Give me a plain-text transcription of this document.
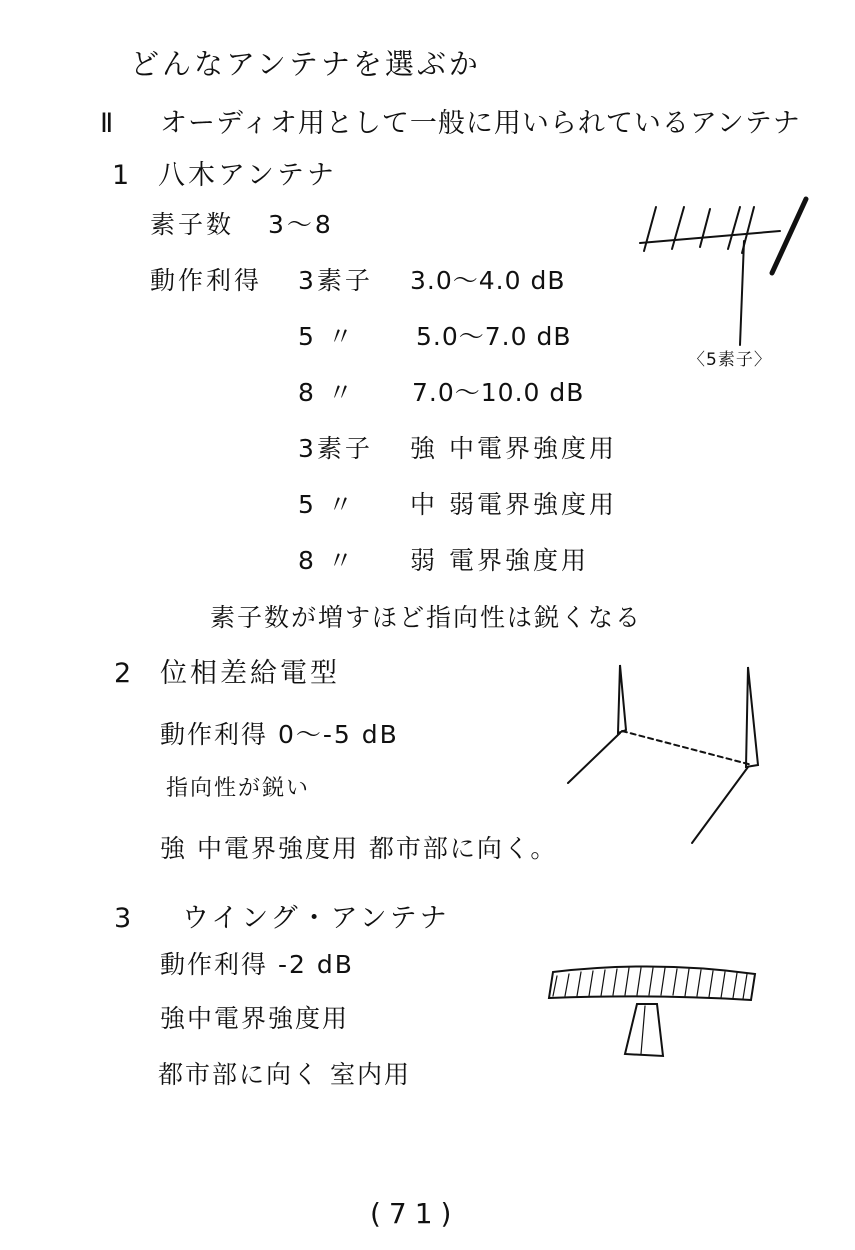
どんなアンテナを選ぶか
Ⅱ オーディオ用として一般に用いられているアンテナ
1 八木アンテナ
素子数 3〜8
動作利得 3素子 3.0〜4.0 dB
5 〃 5.0〜7.0 dB
8 〃 7.0〜10.0 dB
3素子 強 中電界強度用
5 〃 中 弱電界強度用
8 〃 弱 電界強度用
素子数が増すほど指向性は鋭くなる
〈5素子〉
2 位相差給電型
動作利得 0〜-5 dB
指向性が鋭い
強 中電界強度用 都市部に向く。
3 ウイング・アンテナ
動作利得 -2 dB
強中電界強度用
都市部に向く 室内用
(71)
